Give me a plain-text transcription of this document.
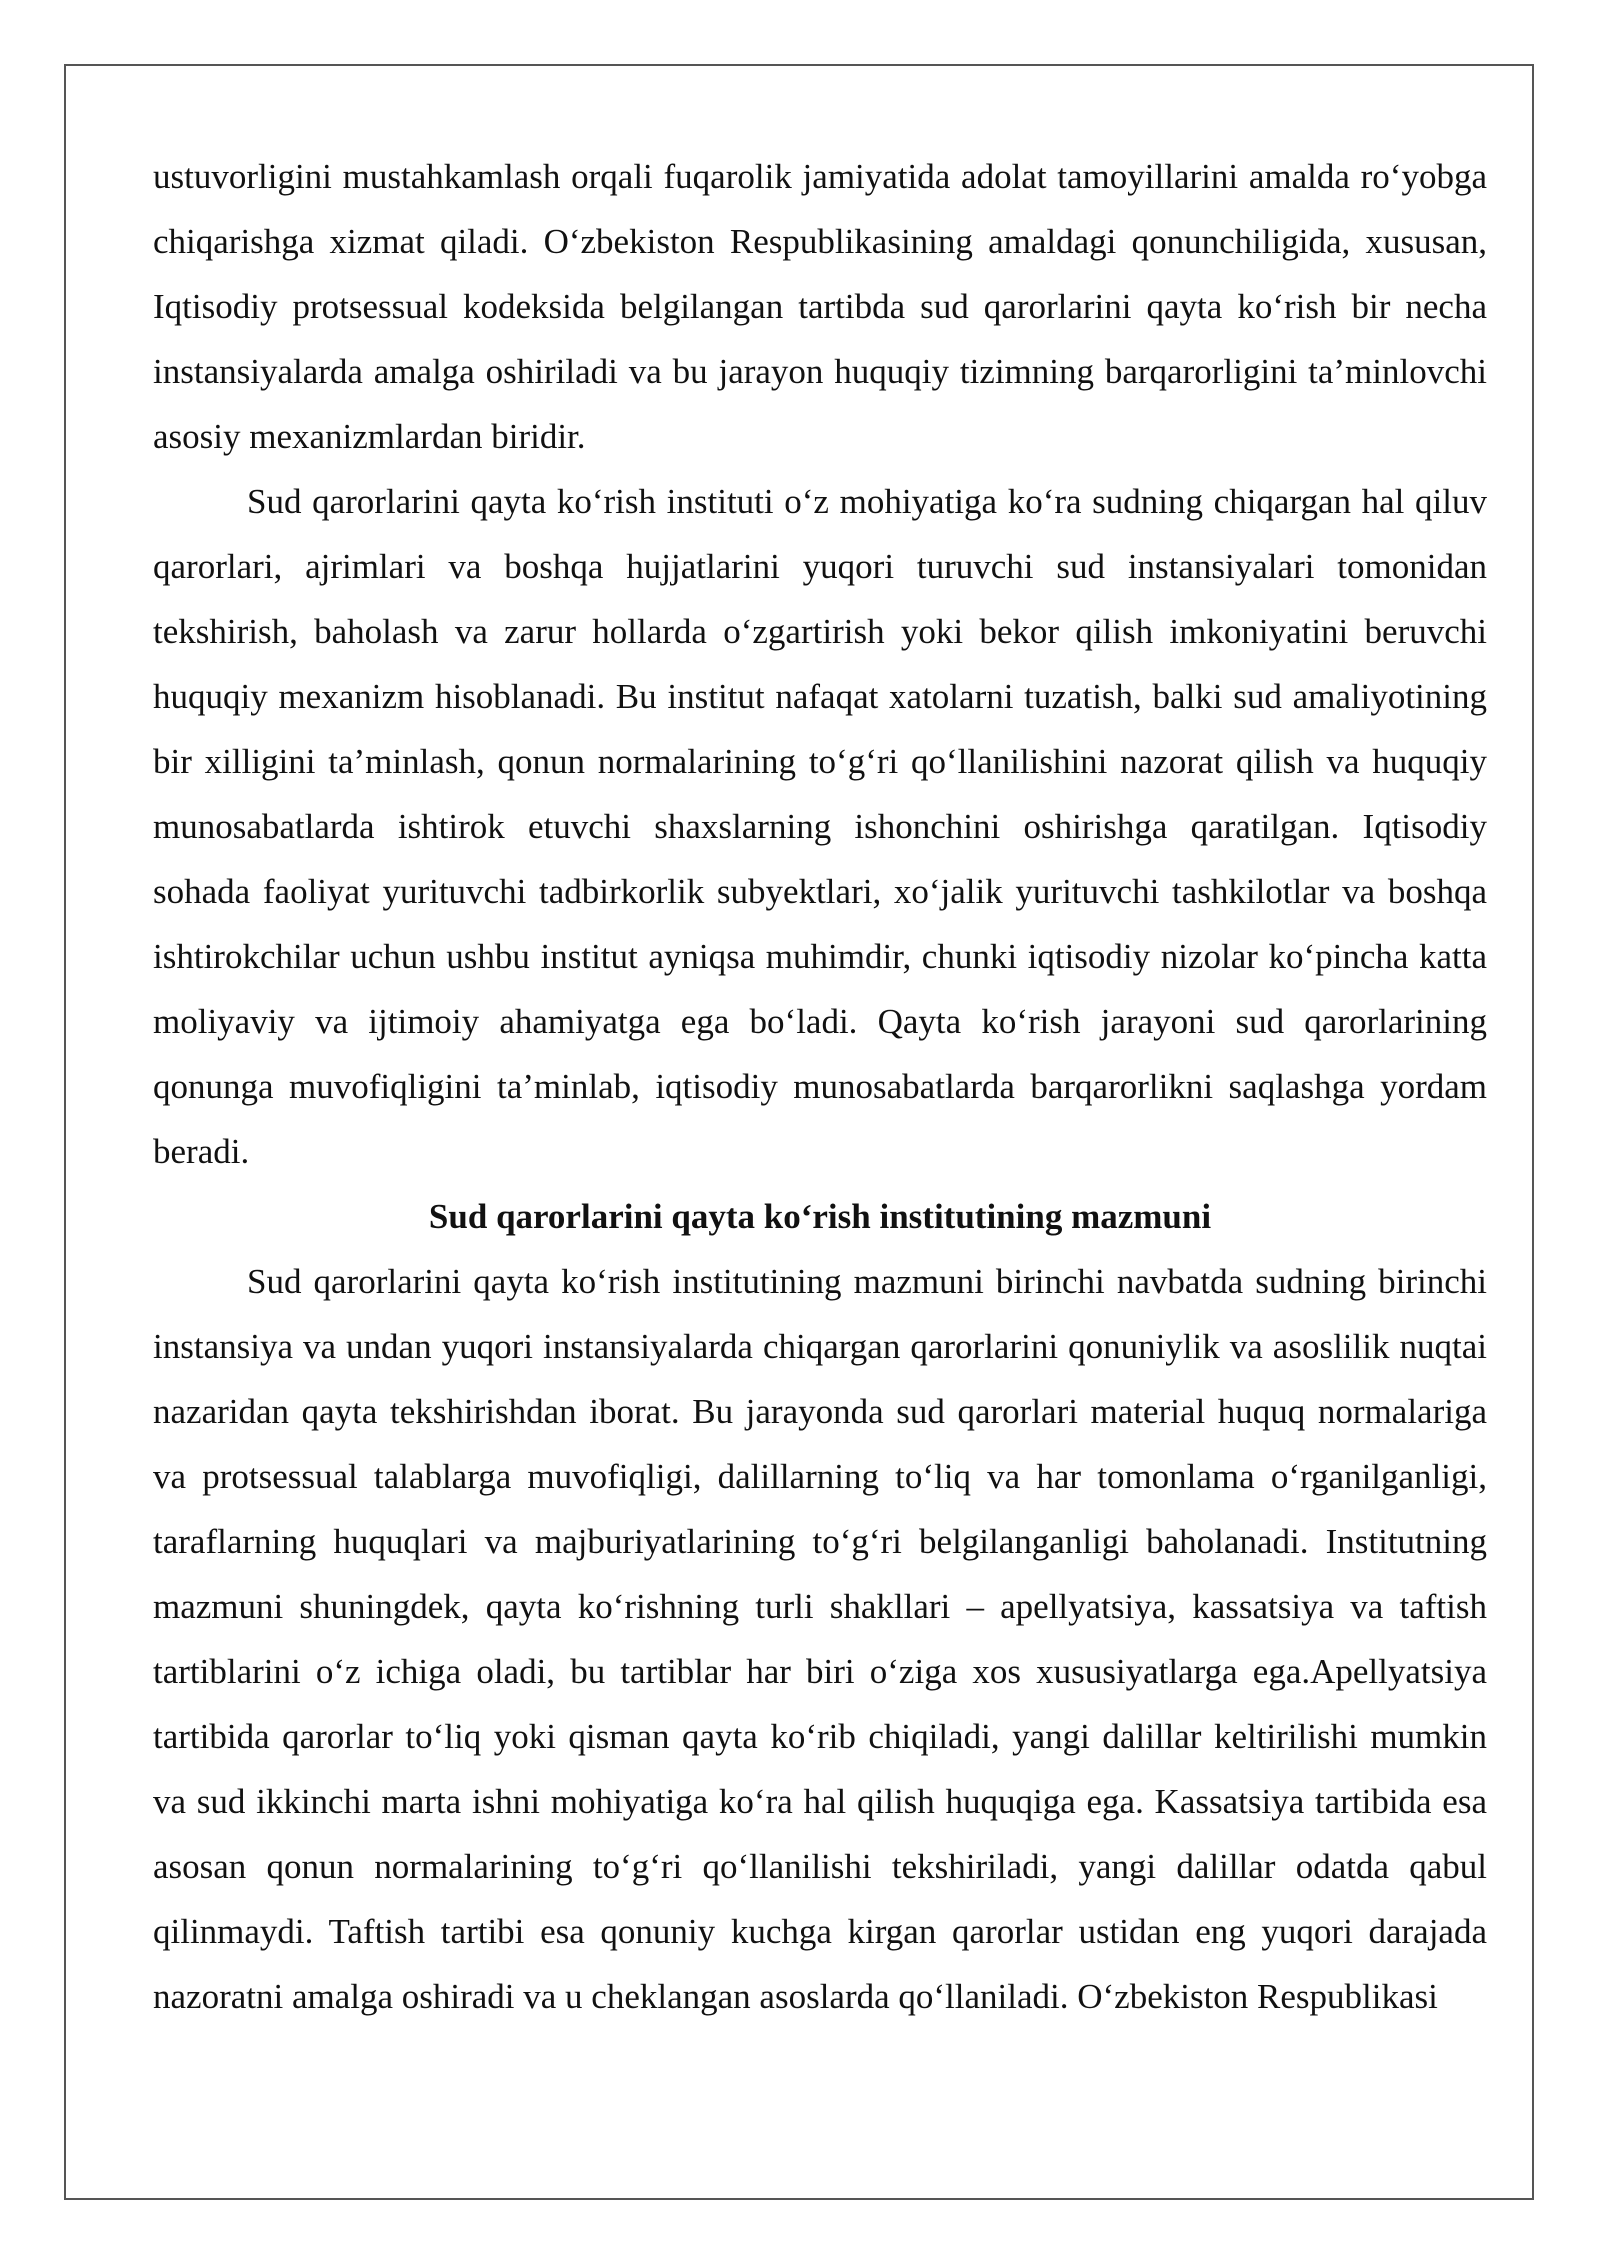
ustuvorligini mustahkamlash orqali fuqarolik jamiyatida adolat tamoyillarini amalda ro‘yobga chiqarishga xizmat qiladi. O‘zbekiston Respublikasining amaldagi qonunchiligida, xususan, Iqtisodiy protsessual kodeksida belgilangan tartibda sud qarorlarini qayta ko‘rish bir necha instansiyalarda amalga oshiriladi va bu jarayon huquqiy tizimning barqarorligini ta’minlovchi asosiy mexanizmlardan biridir.

Sud qarorlarini qayta ko‘rish instituti o‘z mohiyatiga ko‘ra sudning chiqargan hal qiluv qarorlari, ajrimlari va boshqa hujjatlarini yuqori turuvchi sud instansiyalari tomonidan tekshirish, baholash va zarur hollarda o‘zgartirish yoki bekor qilish imkoniyatini beruvchi huquqiy mexanizm hisoblanadi. Bu institut nafaqat xatolarni tuzatish, balki sud amaliyotining bir xilligini ta’minlash, qonun normalarining to‘g‘ri qo‘llanilishini nazorat qilish va huquqiy munosabatlarda ishtirok etuvchi shaxslarning ishonchini oshirishga qaratilgan. Iqtisodiy sohada faoliyat yurituvchi tadbirkorlik subyektlari, xo‘jalik yurituvchi tashkilotlar va boshqa ishtirokchilar uchun ushbu institut ayniqsa muhimdir, chunki iqtisodiy nizolar ko‘pincha katta moliyaviy va ijtimoiy ahamiyatga ega bo‘ladi. Qayta ko‘rish jarayoni sud qarorlarining qonunga muvofiqligini ta’minlab, iqtisodiy munosabatlarda barqarorlikni saqlashga yordam beradi.

Sud qarorlarini qayta ko‘rish institutining mazmuni

Sud qarorlarini qayta ko‘rish institutining mazmuni birinchi navbatda sudning birinchi instansiya va undan yuqori instansiyalarda chiqargan qarorlarini qonuniylik va asoslilik nuqtai nazaridan qayta tekshirishdan iborat. Bu jarayonda sud qarorlari material huquq normalariga va protsessual talablarga muvofiqligi, dalillarning to‘liq va har tomonlama o‘rganilganligi, taraflarning huquqlari va majburiyatlarining to‘g‘ri belgilanganligi baholanadi. Institutning mazmuni shuningdek, qayta ko‘rishning turli shakllari – apellyatsiya, kassatsiya va taftish tartiblarini o‘z ichiga oladi, bu tartiblar har biri o‘ziga xos xususiyatlarga ega.Apellyatsiya tartibida qarorlar to‘liq yoki qisman qayta ko‘rib chiqiladi, yangi dalillar keltirilishi mumkin va sud ikkinchi marta ishni mohiyatiga ko‘ra hal qilish huquqiga ega. Kassatsiya tartibida esa asosan qonun normalarining to‘g‘ri qo‘llanilishi tekshiriladi, yangi dalillar odatda qabul qilinmaydi. Taftish tartibi esa qonuniy kuchga kirgan qarorlar ustidan eng yuqori darajada nazoratni amalga oshiradi va u cheklangan asoslarda qo‘llaniladi. O‘zbekiston Respublikasi
